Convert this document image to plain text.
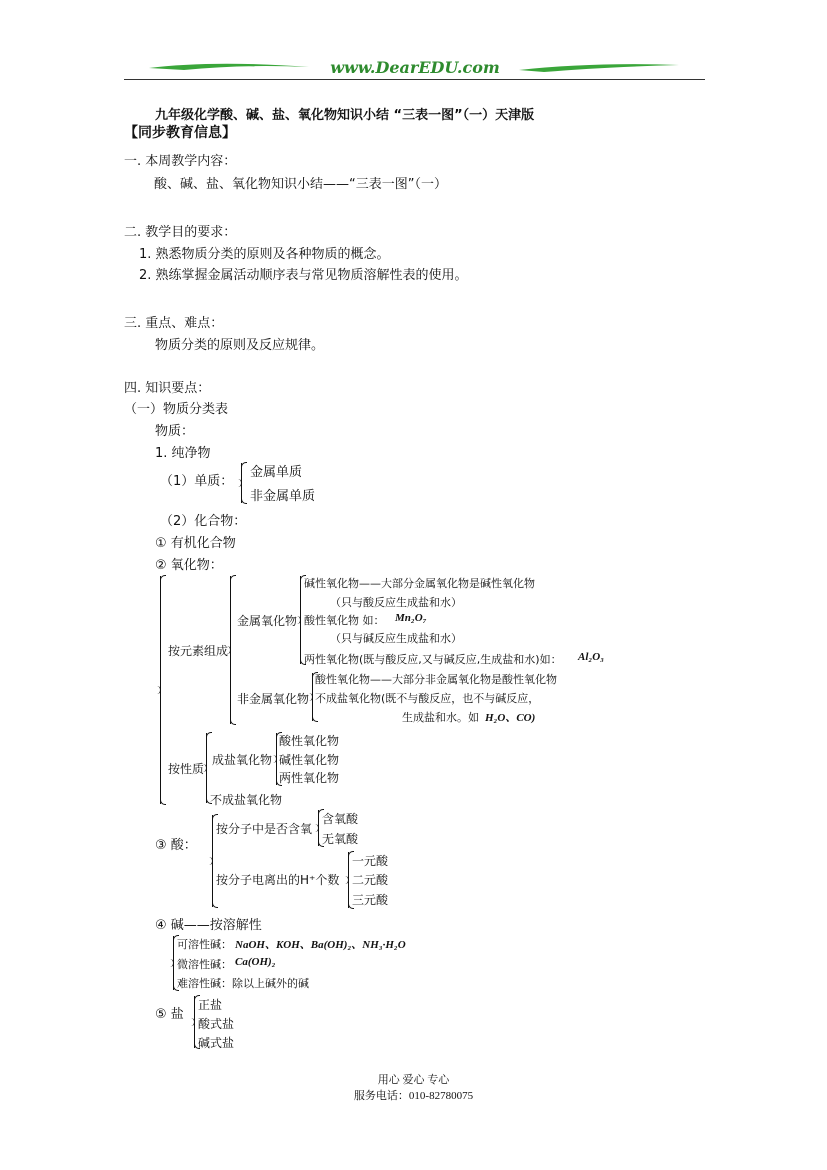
www.DearEDU.com
九年级化学酸、碱、盐、氧化物知识小结 “三表一图”（一）天津版
【同步教育信息】
一. 本周教学内容：
酸、碱、盐、氧化物知识小结——“三表一图”（一）
二. 教学目的要求：
1. 熟悉物质分类的原则及各种物质的概念。
2. 熟练掌握金属活动顺序表与常见物质溶解性表的使用。
三. 重点、难点：
物质分类的原则及反应规律。
四. 知识要点：
（一）物质分类表
物质：
1. 纯净物
（1）单质：
金属单质
非金属单质
（2）化合物：
① 有机化合物
② 氧化物：
按元素组成
金属氧化物
碱性氧化物——大部分金属氧化物是碱性氧化物
（只与酸反应生成盐和水）
酸性氧化物 如： Mn₂O₇
（只与碱反应生成盐和水）
两性氧化物(既与酸反应,又与碱反应,生成盐和水)如： Al₂O₃
非金属氧化物
酸性氧化物——大部分非金属氧化物是酸性氧化物
不成盐氧化物(既不与酸反应，也不与碱反应，
生成盐和水。如 H₂O、CO)
按性质
成盐氧化物
酸性氧化物
碱性氧化物
两性氧化物
不成盐氧化物
③ 酸：
按分子中是否含氧
含氧酸
无氧酸
按分子电离出的H⁺个数
一元酸
二元酸
三元酸
④ 碱——按溶解性
可溶性碱： NaOH、KOH、Ba(OH)₂、NH₃·H₂O
微溶性碱： Ca(OH)₂
难溶性碱：除以上碱外的碱
⑤ 盐
正盐
酸式盐
碱式盐
用心 爱心 专心
服务电话：010-82780075
